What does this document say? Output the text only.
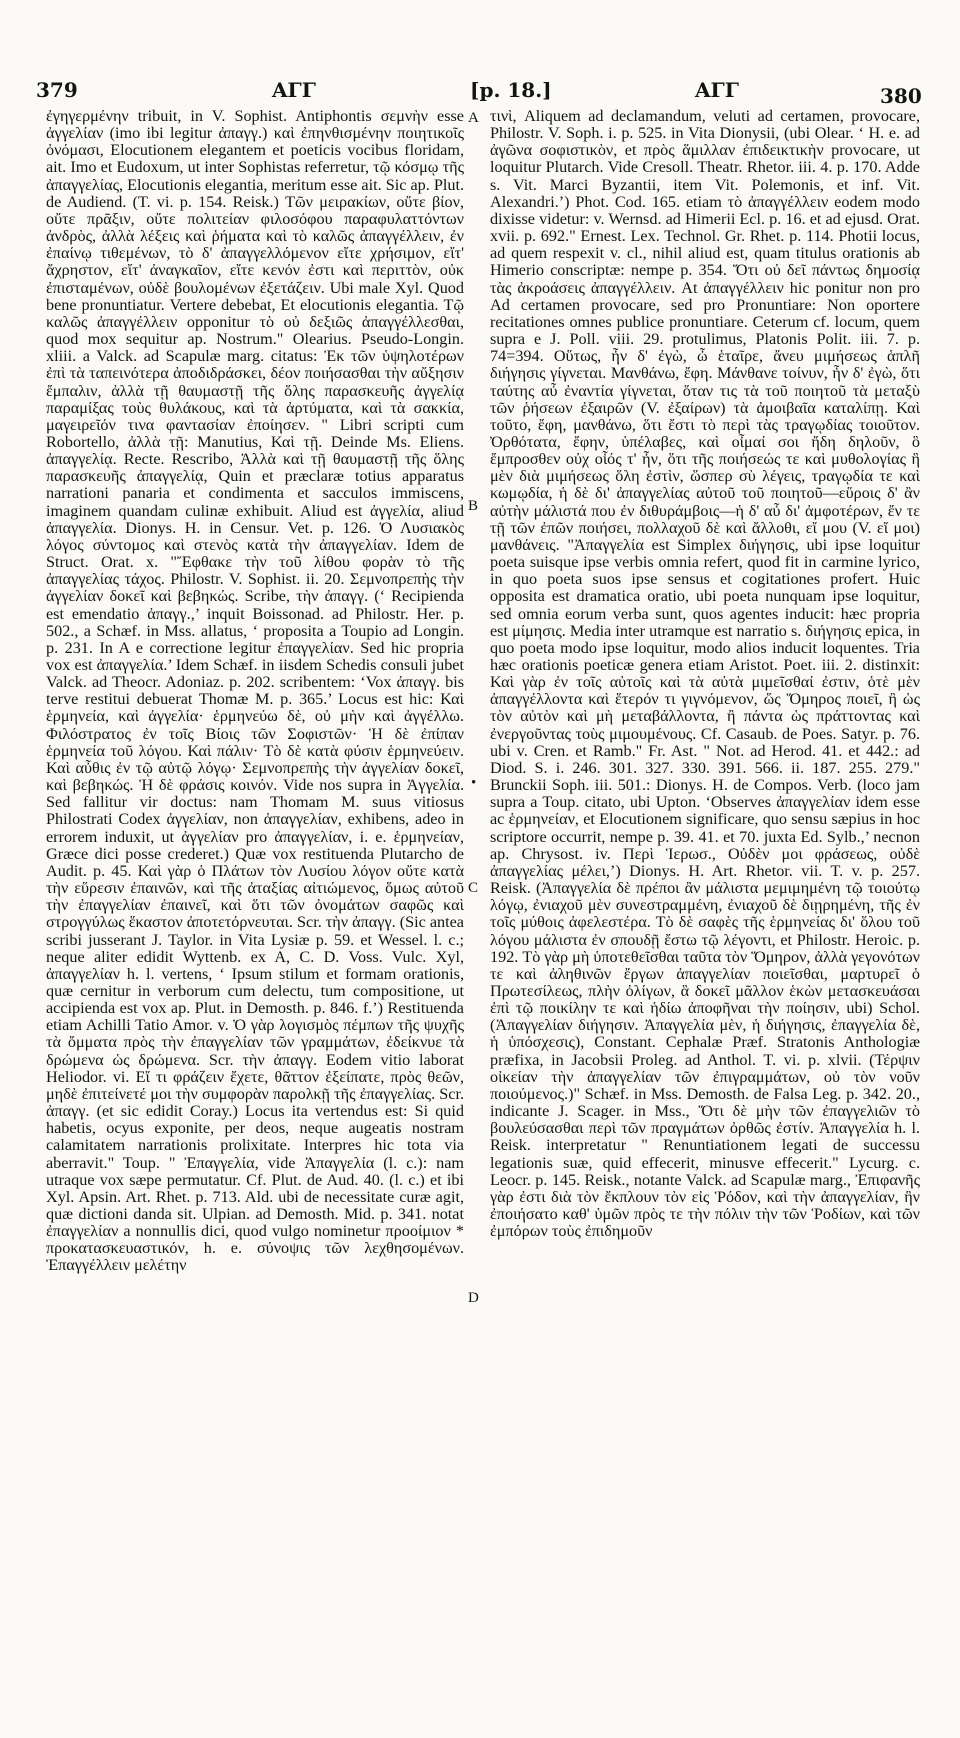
379	ΑΓΓ	[p. 18.]	ΑΓΓ	380
A
B
•
C
D

ἐγηγερμένην tribuit, in V. Sophist. Antiphontis σεμνὴν esse ἀγγελίαν (imo ibi legitur ἀπαγγ.) καὶ ἐπηνθισμένην ποιητικοῖς ὀνόμασι, Elocutionem elegantem et poeticis vocibus floridam, ait. Imo et Eudoxum, ut inter Sophistas referretur, τῷ κόσμῳ τῆς ἀπαγγελίας, Elocutionis elegantia, meritum esse ait. Sic ap. Plut. de Audiend. (T. vi. p. 154. Reisk.) Τῶν μειρακίων, οὔτε βίον, οὔτε πρᾶξιν, οὔτε πολιτείαν φιλοσόφου παραφυλαττόντων ἀνδρὸς, ἀλλὰ λέξεις καὶ ῥήματα καὶ τὸ καλῶς ἀπαγγέλλειν, ἐν ἐπαίνῳ τιθεμένων, τὸ δ' ἀπαγγελλόμενον εἴτε χρήσιμον, εἴτ' ἄχρηστον, εἴτ' ἀναγκαῖον, εἴτε κενόν ἐστι καὶ περιττὸν, οὐκ ἐπισταμένων, οὐδὲ βουλομένων ἐξετάζειν. Ubi male Xyl. Quod bene pronuntiatur. Vertere debebat, Et elocutionis elegantia. Τῷ καλῶς ἀπαγγέλλειν opponitur τὸ οὐ δεξιῶς ἀπαγγέλλεσθαι, quod mox sequitur ap. Nostrum." Olearius. Pseudo-Longin. xliii. a Valck. ad Scapulæ marg. citatus: Ἐκ τῶν ὑψηλοτέρων ἐπὶ τὰ ταπεινότερα ἀποδιδράσκει, δέον ποιήσασθαι τὴν αὔξησιν ἔμπαλιν, ἀλλὰ τῇ θαυμαστῇ τῆς ὅλης παρασκευῆς ἀγγελίᾳ παραμίξας τοὺς θυλάκους, καὶ τὰ ἀρτύματα, καὶ τὰ σακκία, μαγειρεῖόν τινα φαντασίαν ἐποίησεν. " Libri scripti cum Robortello, ἀλλὰ τῇ: Manutius, Καὶ τῇ. Deinde Ms. Eliens. ἀπαγγελίᾳ. Recte. Rescribo, Ἀλλὰ καὶ τῇ θαυμαστῇ τῆς ὅλης παρασκευῆς ἀπαγγελίᾳ, Quin et præclaræ totius apparatus narrationi panaria et condimenta et sacculos immiscens, imaginem quandam culinæ exhibuit. Aliud est ἀγγελία, aliud ἀπαγγελία. Dionys. H. in Censur. Vet. p. 126. Ὁ Λυσιακὸς λόγος σύντομος καὶ στενὸς κατὰ τὴν ἀπαγγελίαν. Idem de Struct. Orat. x. "Ἔφθακε τὴν τοῦ λίθου φορὰν τὸ τῆς ἀπαγγελίας τάχος. Philostr. V. Sophist. ii. 20. Σεμνοπρεπὴς τὴν ἀγγελίαν δοκεῖ καὶ βεβηκώς. Scribe, τὴν ἀπαγγ. (‘ Recipienda est emendatio ἀπαγγ.,’ inquit Boissonad. ad Philostr. Her. p. 502., a Schæf. in Mss. allatus, ‘ proposita a Toupio ad Longin. p. 231. In A e correctione legitur ἐπαγγελίαν. Sed hic propria vox est ἀπαγγελία.’ Idem Schæf. in iisdem Schedis consuli jubet Valck. ad Theocr. Adoniaz. p. 202. scribentem: ‘Vox ἀπαγγ. bis terve restitui debuerat Thomæ M. p. 365.’ Locus est hic: Καὶ ἑρμηνεία, καὶ ἀγγελία· ἑρμηνεύω δὲ, οὐ μὴν καὶ ἀγγέλλω. Φιλόστρατος ἐν τοῖς Βίοις τῶν Σοφιστῶν· Ἡ δὲ ἐπίπαν ἑρμηνεία τοῦ λόγου. Καὶ πάλιν· Τὸ δὲ κατὰ φύσιν ἑρμηνεύειν. Καὶ αὖθις ἐν τῷ αὐτῷ λόγῳ· Σεμνοπρεπὴς τὴν ἀγγελίαν δοκεῖ, καὶ βεβηκώς. Ἡ δὲ φράσις κοινόν. Vide nos supra in Ἀγγελία. Sed fallitur vir doctus: nam Thomam M. suus vitiosus Philostrati Codex ἀγγελίαν, non ἀπαγγελίαν, exhibens, adeo in errorem induxit, ut ἀγγελίαν pro ἀπαγγελίαν, i. e. ἑρμηνείαν, Græce dici posse crederet.) Quæ vox restituenda Plutarcho de Audit. p. 45. Καὶ γὰρ ὁ Πλάτων τὸν Λυσίου λόγον οὔτε κατὰ τὴν εὕρεσιν ἐπαινῶν, καὶ τῆς ἀταξίας αἰτιώμενος, ὅμως αὐτοῦ τὴν ἐπαγγελίαν ἐπαινεῖ, καὶ ὅτι τῶν ὀνομάτων σαφῶς καὶ στρογγύλως ἕκαστον ἀποτετόρνευται. Scr. τὴν ἀπαγγ. (Sic antea scribi jusserant J. Taylor. in Vita Lysiæ p. 59. et Wessel. l. c.; neque aliter edidit Wyttenb. ex A, C. D. Voss. Vulc. Xyl, ἀπαγγελίαν h. l. vertens, ‘ Ipsum stilum et formam orationis, quæ cernitur in verborum cum delectu, tum compositione, ut accipienda est vox ap. Plut. in Demosth. p. 846. f.’) Restituenda etiam Achilli Tatio Amor. v. Ὁ γὰρ λογισμὸς πέμπων τῆς ψυχῆς τὰ ὄμματα πρὸς τὴν ἐπαγγελίαν τῶν γραμμάτων, ἐδείκνυε τὰ δρώμενα ὡς δρώμενα. Scr. τὴν ἀπαγγ. Eodem vitio laborat Heliodor. vi. Εἴ τι φράζειν ἔχετε, θᾶττον ἐξείπατε, πρὸς θεῶν, μηδὲ ἐπιτείνετέ μοι τὴν συμφορὰν παρολκῇ τῆς ἐπαγγελίας. Scr. ἀπαγγ. (et sic edidit Coray.) Locus ita vertendus est: Si quid habetis, ocyus exponite, per deos, neque augeatis nostram calamitatem narrationis prolixitate. Interpres hic tota via aberravit." Toup. " Ἐπαγγελία, vide Ἀπαγγελία (l. c.): nam utraque vox sæpe permutatur. Cf. Plut. de Aud. 40. (l. c.) et ibi Xyl. Apsin. Art. Rhet. p. 713. Ald. ubi de necessitate curæ agit, quæ dictioni danda sit. Ulpian. ad Demosth. Mid. p. 341. notat ἐπαγγελίαν a nonnullis dici, quod vulgo nominetur προοίμιον * προκατασκευαστικόν, h. e. σύνοψις τῶν λεχθησομένων. Ἐπαγγέλλειν μελέτην

τινὶ, Aliquem ad declamandum, veluti ad certamen, provocare, Philostr. V. Soph. i. p. 525. in Vita Dionysii, (ubi Olear. ‘ H. e. ad ἀγῶνα σοφιστικὸν, et πρὸς ἅμιλλαν ἐπιδεικτικὴν provocare, ut loquitur Plutarch. Vide Cresoll. Theatr. Rhetor. iii. 4. p. 170. Adde s. Vit. Marci Byzantii, item Vit. Polemonis, et inf. Vit. Alexandri.’) Phot. Cod. 165. etiam τὸ ἀπαγγέλλειν eodem modo dixisse videtur: v. Wernsd. ad Himerii Ecl. p. 16. et ad ejusd. Orat. xvii. p. 692." Ernest. Lex. Technol. Gr. Rhet. p. 114. Photii locus, ad quem respexit v. cl., nihil aliud est, quam titulus orationis ab Himerio conscriptæ: nempe p. 354. Ὅτι οὐ δεῖ πάντως δημοσίᾳ τὰς ἀκροάσεις ἀπαγγέλλειν. At ἀπαγγέλλειν hic ponitur non pro Ad certamen provocare, sed pro Pronuntiare: Non oportere recitationes omnes publice pronuntiare. Ceterum cf. locum, quem supra e J. Poll. viii. 29. protulimus, Platonis Polit. iii. 7. p. 74=394. Οὕτως, ἦν δ' ἐγὼ, ὦ ἑταῖρε, ἄνευ μιμήσεως ἁπλῆ διήγησις γίγνεται. Μανθάνω, ἔφη. Μάνθανε τοίνυν, ἦν δ' ἐγὼ, ὅτι ταύτης αὖ ἐναντία γίγνεται, ὅταν τις τὰ τοῦ ποιητοῦ τὰ μεταξὺ τῶν ῥήσεων ἐξαιρῶν (V. ἐξαίρων) τὰ ἀμοιβαῖα καταλίπῃ. Καὶ τοῦτο, ἔφη, μανθάνω, ὅτι ἔστι τὸ περὶ τὰς τραγῳδίας τοιοῦτον. Ὀρθότατα, ἔφην, ὑπέλαβες, καὶ οἶμαί σοι ἤδη δηλοῦν, ὃ ἔμπροσθεν οὐχ οἷός τ' ἦν, ὅτι τῆς ποιήσεώς τε καὶ μυθολογίας ἣ μὲν διὰ μιμήσεως ὅλη ἐστὶν, ὥσπερ σὺ λέγεις, τραγῳδία τε καὶ κωμῳδία, ἡ δὲ δι' ἀπαγγελίας αὐτοῦ τοῦ ποιητοῦ—εὕροις δ' ἂν αὐτὴν μάλιστά που ἐν διθυράμβοις—ἡ δ' αὖ δι' ἀμφοτέρων, ἔν τε τῇ τῶν ἐπῶν ποιήσει, πολλαχοῦ δὲ καὶ ἄλλοθι, εἴ μου (V. εἴ μοι) μανθάνεις. "Ἀπαγγελία est Simplex διήγησις, ubi ipse loquitur poeta suisque ipse verbis omnia refert, quod fit in carmine lyrico, in quo poeta suos ipse sensus et cogitationes profert. Huic opposita est dramatica oratio, ubi poeta nunquam ipse loquitur, sed omnia eorum verba sunt, quos agentes inducit: hæc propria est μίμησις. Media inter utramque est narratio s. διήγησις epica, in quo poeta modo ipse loquitur, modo alios inducit loquentes. Tria hæc orationis poeticæ genera etiam Aristot. Poet. iii. 2. distinxit: Καὶ γὰρ ἐν τοῖς αὐτοῖς καὶ τὰ αὐτὰ μιμεῖσθαί ἐστιν, ὁτὲ μὲν ἀπαγγέλλοντα καὶ ἕτερόν τι γιγνόμενον, ὥς Ὅμηρος ποιεῖ, ἢ ὡς τὸν αὐτὸν καὶ μὴ μεταβάλλοντα, ἢ πάντα ὡς πράττοντας καὶ ἐνεργοῦντας τοὺς μιμουμένους. Cf. Casaub. de Poes. Satyr. p. 76. ubi v. Cren. et Ramb." Fr. Ast. " Not. ad Herod. 41. et 442.: ad Diod. S. i. 246. 301. 327. 330. 391. 566. ii. 187. 255. 279." Brunckii Soph. iii. 501.: Dionys. H. de Compos. Verb. (loco jam supra a Toup. citato, ubi Upton. ‘Observes ἀπαγγελίαν idem esse ac ἑρμηνείαν, et Elocutionem significare, quo sensu sæpius in hoc scriptore occurrit, nempe p. 39. 41. et 70. juxta Ed. Sylb.,’ necnon ap. Chrysost. iv. Περὶ Ἱερωσ., Οὐδὲν μοι φράσεως, οὐδὲ ἀπαγγελίας μέλει,’) Dionys. H. Art. Rhetor. vii. T. v. p. 257. Reisk. (Ἀπαγγελία δὲ πρέποι ἂν μάλιστα μεμιμημένη τῷ τοιούτῳ λόγῳ, ἐνιαχοῦ μὲν συνεστραμμένη, ἐνιαχοῦ δὲ διῃρημένη, τῆς ἐν τοῖς μύθοις ἀφελεστέρα. Τὸ δὲ σαφὲς τῆς ἑρμηνείας δι' ὅλου τοῦ λόγου μάλιστα ἐν σπουδῇ ἔστω τῷ λέγοντι, et Philostr. Heroic. p. 192. Τὸ γὰρ μὴ ὑποτεθεῖσθαι ταῦτα τὸν Ὅμηρον, ἀλλὰ γεγονότων τε καὶ ἀληθινῶν ἔργων ἀπαγγελίαν ποιεῖσθαι, μαρτυρεῖ ὁ Πρωτεσίλεως, πλὴν ὀλίγων, ἃ δοκεῖ μᾶλλον ἑκὼν μετασκευάσαι ἐπὶ τῷ ποικίλην τε καὶ ἡδίω ἀποφῆναι τὴν ποίησιν, ubi) Schol. (Ἀπαγγελίαν διήγησιν. Ἀπαγγελία μὲν, ἡ διήγησις, ἐπαγγελία δὲ, ἡ ὑπόσχεσις), Constant. Cephalæ Præf. Stratonis Anthologiæ præfixa, in Jacobsii Proleg. ad Anthol. T. vi. p. xlvii. (Τέρψιν οἰκείαν τὴν ἀπαγγελίαν τῶν ἐπιγραμμάτων, οὐ τὸν νοῦν ποιούμενος.)" Schæf. in Mss. Demosth. de Falsa Leg. p. 342. 20., indicante J. Scager. in Mss., Ὅτι δὲ μὴν τῶν ἐπαγγελιῶν τὸ βουλεύσασθαι περὶ τῶν πραγμάτων ὀρθῶς ἐστίν. Ἀπαγγελία h. l. Reisk. interpretatur " Renuntiationem legati de successu legationis suæ, quid effecerit, minusve effecerit." Lycurg. c. Leocr. p. 145. Reisk., notante Valck. ad Scapulæ marg., Ἐπιφανῆς γὰρ ἐστι διὰ τὸν ἔκπλουν τὸν εἰς Ῥόδον, καὶ τὴν ἀπαγγελίαν, ἣν ἐποιήσατο καθ' ὑμῶν πρὸς τε τὴν πόλιν τὴν τῶν Ῥοδίων, καὶ τῶν ἐμπόρων τοὺς ἐπιδημοῦν
